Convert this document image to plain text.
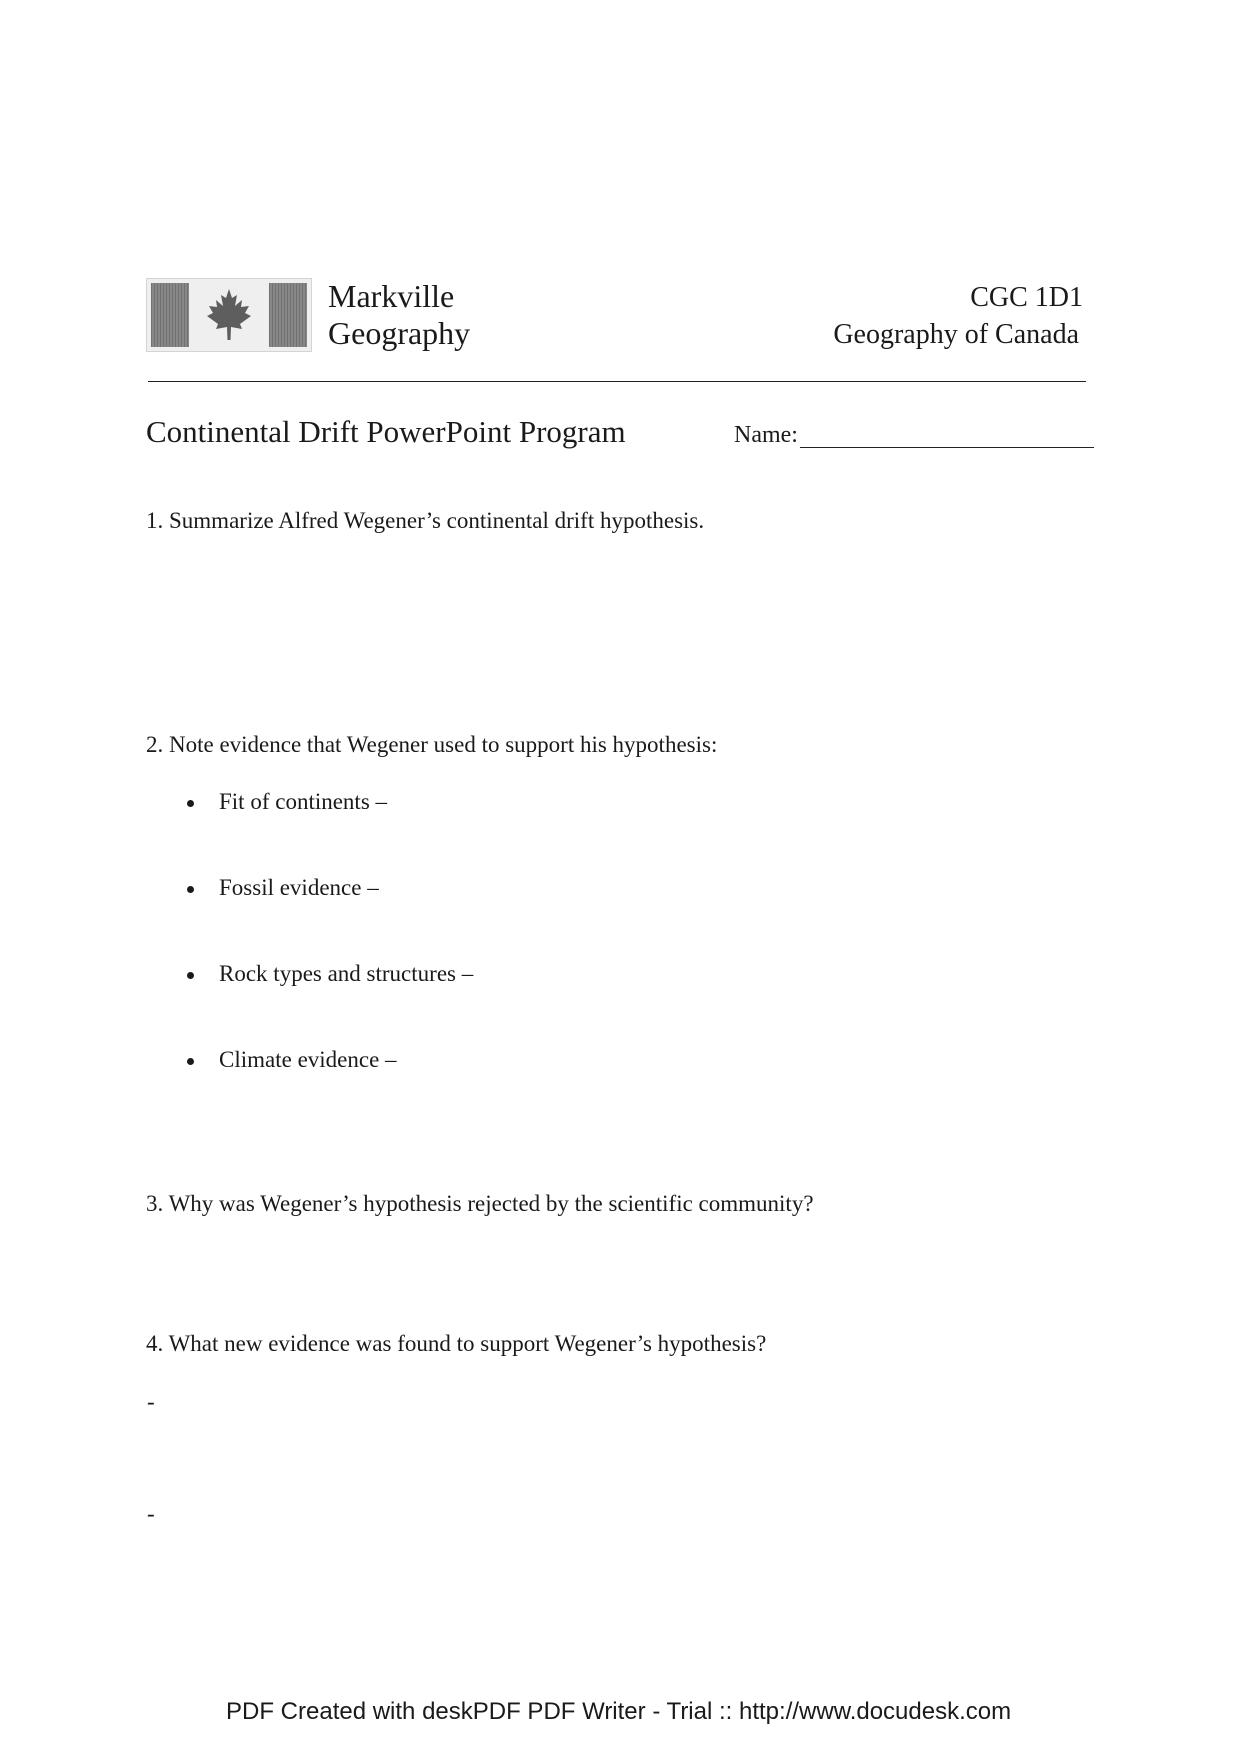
Markville
Geography
CGC 1D1
Geography of Canada
Continental Drift PowerPoint Program	Name:
1. Summarize Alfred Wegener’s continental drift hypothesis.
2. Note evidence that Wegener used to support his hypothesis:
Fit of continents –
Fossil evidence –
Rock types and structures –
Climate evidence –
3. Why was Wegener’s hypothesis rejected by the scientific community?
4. What new evidence was found to support Wegener’s hypothesis?
-
-
PDF Created with deskPDF PDF Writer - Trial :: http://www.docudesk.com
